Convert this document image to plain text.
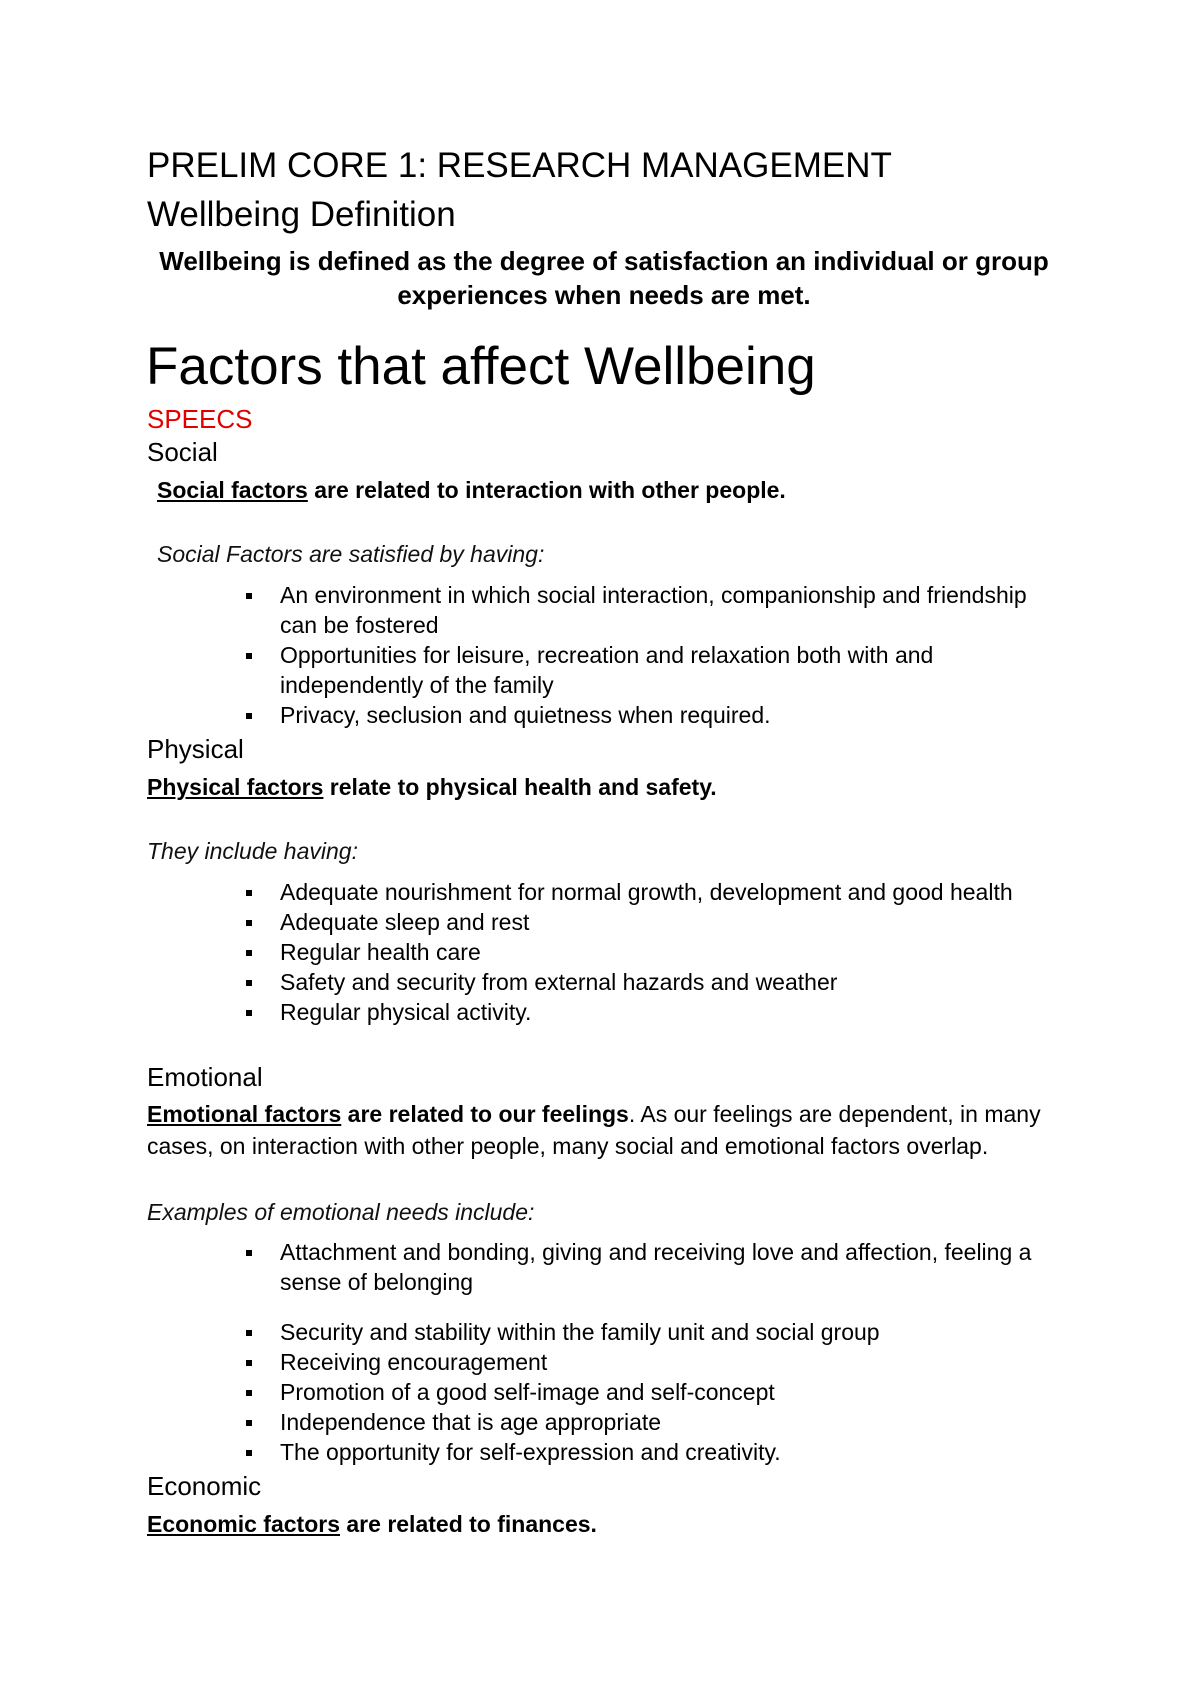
PRELIM CORE 1: RESEARCH MANAGEMENT
Wellbeing Definition
Wellbeing is defined as the degree of satisfaction an individual or group experiences when needs are met.
Factors that affect Wellbeing
SPEECS
Social
Social factors are related to interaction with other people.
Social Factors are satisfied by having:
An environment in which social interaction, companionship and friendship can be fostered
Opportunities for leisure, recreation and relaxation both with and independently of the family
Privacy, seclusion and quietness when required.
Physical
Physical factors relate to physical health and safety.
They include having:
Adequate nourishment for normal growth, development and good health
Adequate sleep and rest
Regular health care
Safety and security from external hazards and weather
Regular physical activity.
Emotional
Emotional factors are related to our feelings. As our feelings are dependent, in many cases, on interaction with other people, many social and emotional factors overlap.
Examples of emotional needs include:
Attachment and bonding, giving and receiving love and affection, feeling a sense of belonging
Security and stability within the family unit and social group
Receiving encouragement
Promotion of a good self-image and self-concept
Independence that is age appropriate
The opportunity for self-expression and creativity.
Economic
Economic factors are related to finances.
